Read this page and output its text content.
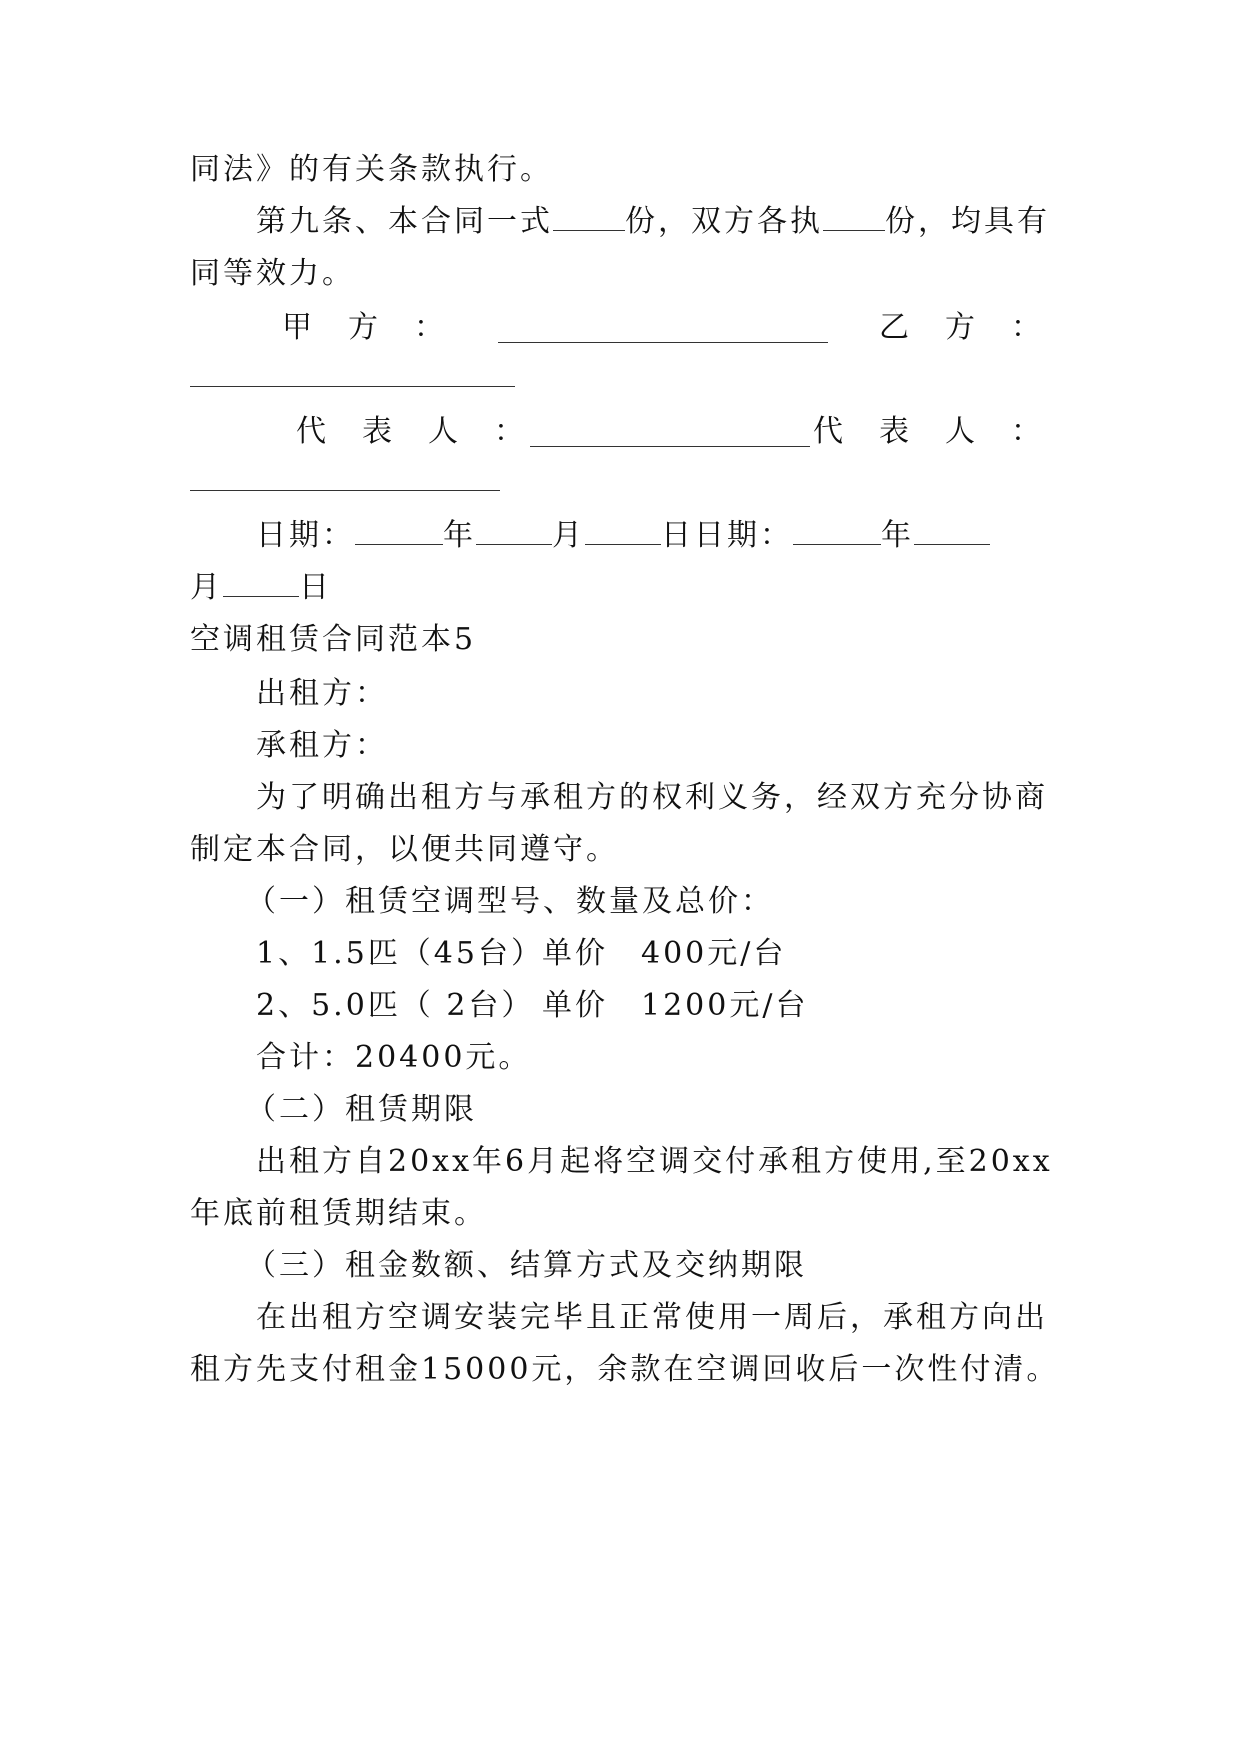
同法》的有关条款执行。
第九条、本合同一式 份，双方各执 份，均具有
同等效力。
甲　方　：	乙　方　：
代　表　人　：	代　表　人　：
日期：	年	月	日日期：	年
月	日
空调租赁合同范本5
出租方：
承租方：
为了明确出租方与承租方的权利义务，经双方充分协商
制定本合同，以便共同遵守。
（一）租赁空调型号、数量及总价：
1、1.5匹（45台）单价　400元/台
2、5.0匹（ 2台） 单价　1200元/台
合计：20400元。
（二）租赁期限
出租方自20xx年6月起将空调交付承租方使用,至20xx
年底前租赁期结束。
（三）租金数额、结算方式及交纳期限
在出租方空调安装完毕且正常使用一周后，承租方向出
租方先支付租金15000元，余款在空调回收后一次性付清。
